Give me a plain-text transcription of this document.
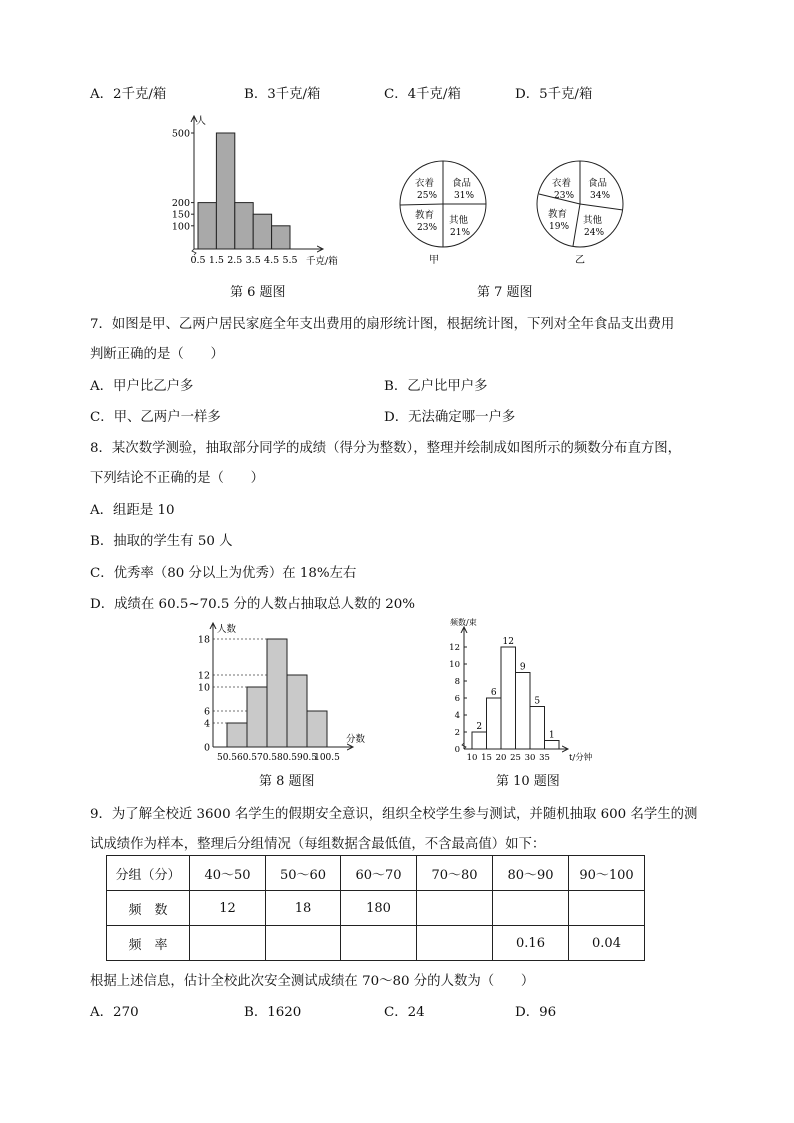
A．2千克/箱	B．3千克/箱	C．4千克/箱	D．5千克/箱
500
200
150
100
0.5 1.5 2.5 3.5 4.5 5.5
人
千克/箱
第 6 题图
衣着
25%
食品
31%
教育
23%
其他
21%
甲
衣着
23%
食品
34%
教育
19%
其他
24%
乙
第 7 题图
7．如图是甲、乙两户居民家庭全年支出费用的扇形统计图，根据统计图，下列对全年食品支出费用
判断正确的是（　　）
A．甲户比乙户多	B．乙户比甲户多
C．甲、乙两户一样多	D．无法确定哪一户多
8．某次数学测验，抽取部分同学的成绩（得分为整数），整理并绘制成如图所示的频数分布直方图，
下列结论不正确的是（　　）
A．组距是 10
B．抽取的学生有 50 人
C．优秀率（80 分以上为优秀）在 18%左右
D．成绩在 60.5~70.5 分的人数占抽取总人数的 20%
18
12
10
6
4
0
50.5 60.5 70.5 80.5 90.5
100.5
人数
分数
第 8 题图
12
10
8
6
4
2
0
10 15 20 25 30 35
2
6
12
9
5
1
频数/束
t/分钟
第 10 题图
9．为了解全校近 3600 名学生的假期安全意识，组织全校学生参与测试，并随机抽取 600 名学生的测
试成绩作为样本，整理后分组情况（每组数据含最低值，不含最高值）如下：
分组（分）	40～50	50～60	60～70	70～80	80～90	90～100
频　数	12	18	180			
频　率					0.16	0.04
根据上述信息，估计全校此次安全测试成绩在 70～80 分的人数为（　　）
A．270	B．1620	C．24	D．96
